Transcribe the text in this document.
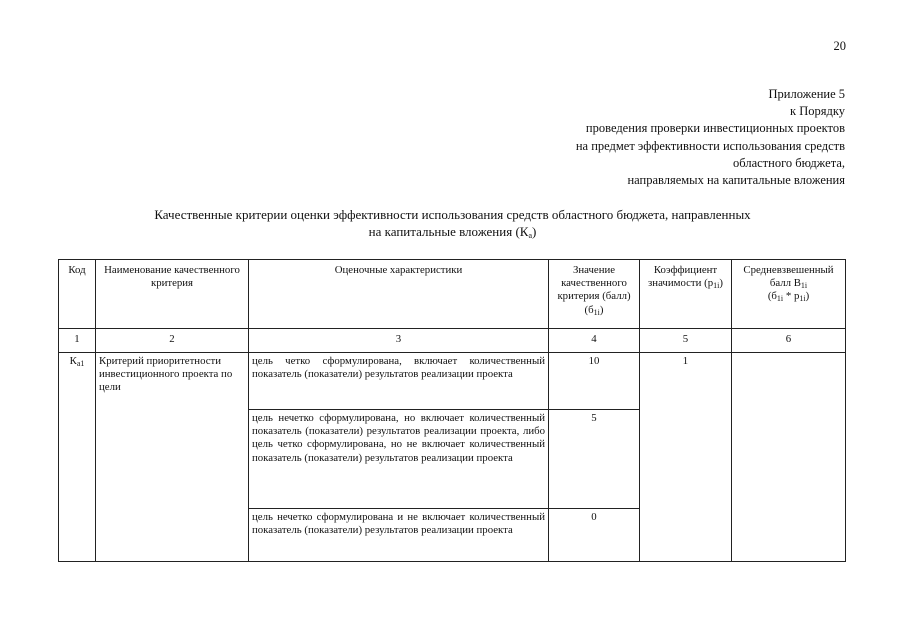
20
Приложение 5
к Порядку
проведения проверки инвестиционных проектов
на предмет эффективности использования средств
областного бюджета,
направляемых на капитальные вложения
Качественные критерии оценки эффективности использования средств областного бюджета, направленных
на капитальные вложения $(К_а)$
Код	Наименование качественного критерия	Оценочные характеристики	Значение качественного критерия (балл) $(б_{1i})$	Коэффициент значимости $(р_{1i})$	Средневзвешенный балл $В_{1i}$
$(б_{1i} * р_{1i})$
1	2	3	4	5	6
$К_{а1}$	Критерий приоритетности инвестиционного проекта по цели	цель четко сформулирована, включает количественный показатель (показатели) результатов реализации проекта	10	1	
		цель нечетко сформулирована, но включает количественный показатель (показатели) результатов реализации проекта, либо цель четко сформулирована, но не включает количественный показатель (показатели) результатов реализации проекта	5		
		цель нечетко сформулирована и не включает количественный показатель (показатели) результатов реализации проекта	0		
